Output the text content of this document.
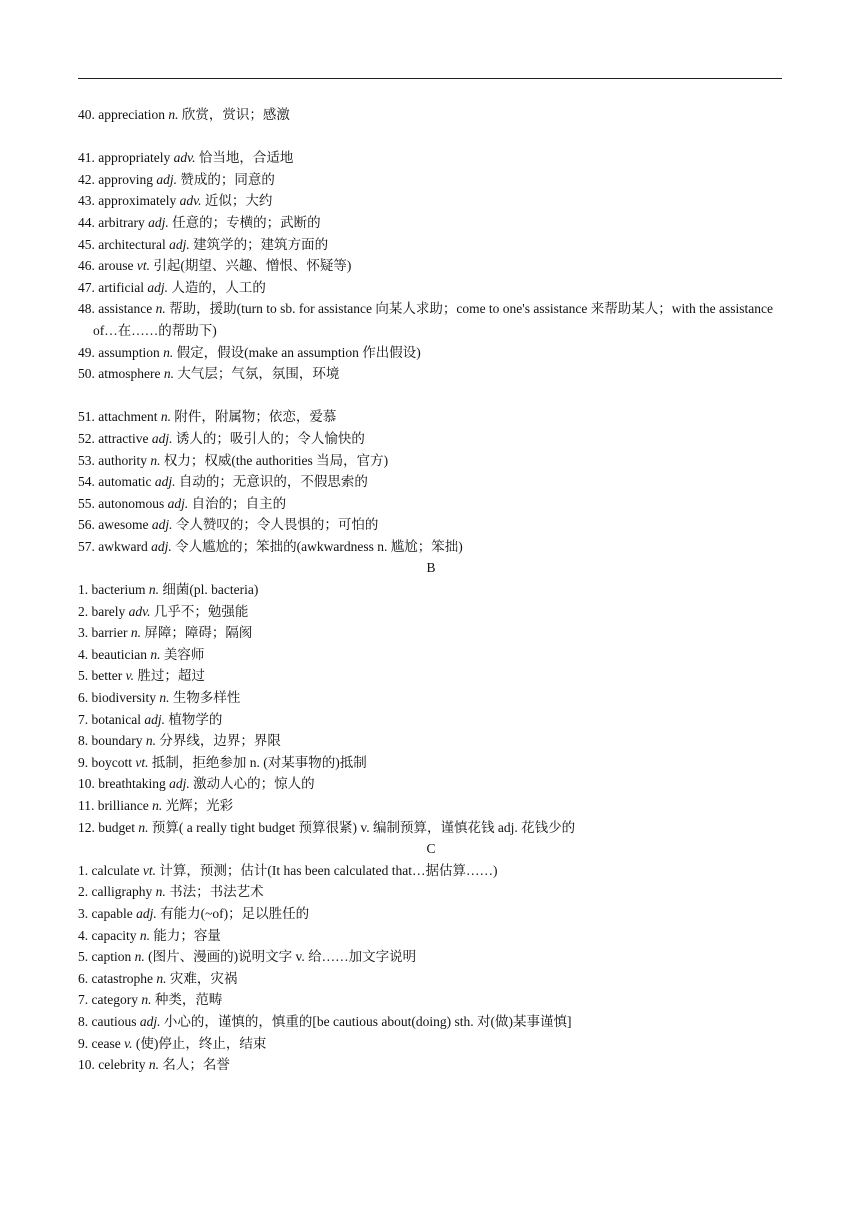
40. appreciation n. 欣赏，赏识；感激
41. appropriately adv. 恰当地，合适地
42. approving adj. 赞成的；同意的
43. approximately adv. 近似；大约
44. arbitrary adj. 任意的；专横的；武断的
45. architectural adj. 建筑学的；建筑方面的
46. arouse vt. 引起(期望、兴趣、憎恨、怀疑等)
47. artificial adj. 人造的，人工的
48. assistance n. 帮助，援助(turn to sb. for assistance 向某人求助；come to one's assistance 来帮助某人；with the assistance of…在……的帮助下)
49. assumption n. 假定，假设(make an assumption 作出假设)
50. atmosphere n. 大气层；气氛，氛围，环境
51. attachment n. 附件，附属物；依恋，爱慕
52. attractive adj. 诱人的；吸引人的；令人愉快的
53. authority n. 权力；权威(the authorities 当局，官方)
54. automatic adj. 自动的；无意识的，不假思索的
55. autonomous adj. 自治的；自主的
56. awesome adj. 令人赞叹的；令人畏惧的；可怕的
57. awkward adj. 令人尴尬的；笨拙的(awkwardness n. 尴尬；笨拙)
B
1. bacterium n. 细菌(pl. bacteria)
2. barely adv. 几乎不；勉强能
3. barrier n. 屏障；障碍；隔阂
4. beautician n. 美容师
5. better v. 胜过；超过
6. biodiversity n. 生物多样性
7. botanical adj. 植物学的
8. boundary n. 分界线，边界；界限
9. boycott vt. 抵制，拒绝参加 n. (对某事物的)抵制
10. breathtaking adj. 激动人心的；惊人的
11. brilliance n. 光辉；光彩
12. budget n. 预算( a really tight budget 预算很紧) v. 编制预算，谨慎花钱 adj. 花钱少的
C
1. calculate vt. 计算，预测；估计(It has been calculated that…据估算……)
2. calligraphy n. 书法；书法艺术
3. capable adj. 有能力(~of)；足以胜任的
4. capacity n. 能力；容量
5. caption n. (图片、漫画的)说明文字 v. 给……加文字说明
6. catastrophe n. 灾难，灾祸
7. category n. 种类，范畴
8. cautious adj. 小心的，谨慎的，慎重的[be cautious about(doing) sth. 对(做)某事谨慎]
9. cease v. (使)停止，终止，结束
10. celebrity n. 名人；名誉
